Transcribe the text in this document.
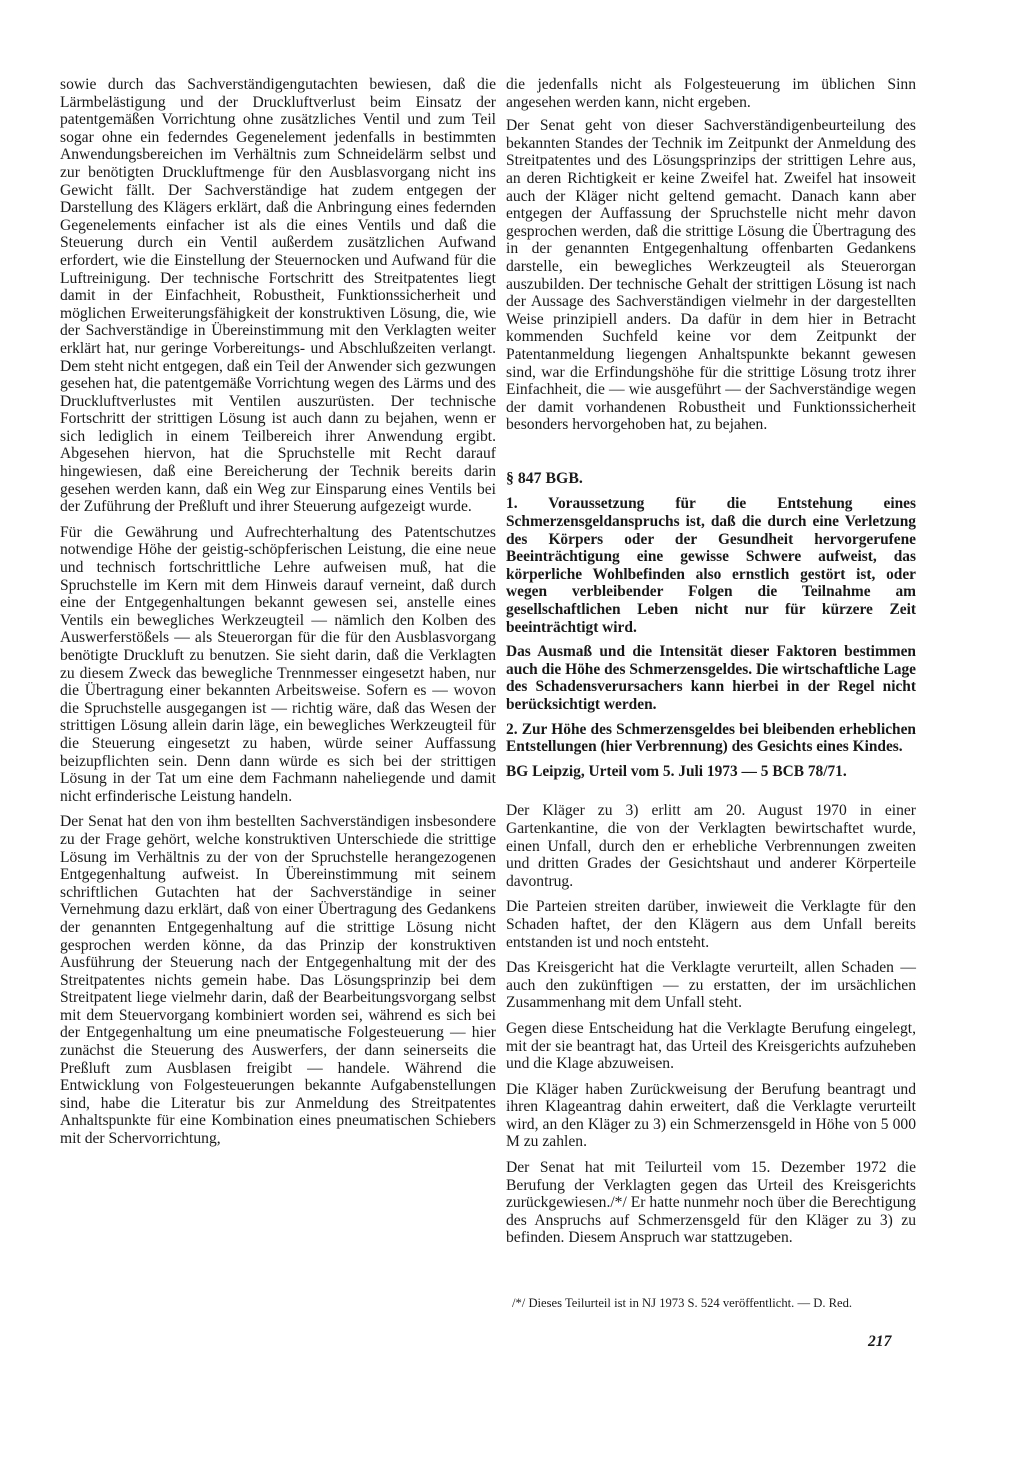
sowie durch das Sachverständigengutachten bewiesen, daß die Lärmbelästigung und der Druckluftverlust beim Einsatz der patentgemäßen Vorrichtung ohne zusätzliches Ventil und zum Teil sogar ohne ein federndes Gegenelement jedenfalls in bestimmten Anwendungsbereichen im Verhältnis zum Schneidelärm selbst und zur benötigten Druckluftmenge für den Ausblasvorgang nicht ins Gewicht fällt. Der Sachverständige hat zudem entgegen der Darstellung des Klägers erklärt, daß die Anbringung eines federnden Gegenelements einfacher ist als die eines Ventils und daß die Steuerung durch ein Ventil außerdem zusätzlichen Aufwand erfordert, wie die Einstellung der Steuernocken und Aufwand für die Luftreinigung. Der technische Fortschritt des Streitpatentes liegt damit in der Einfachheit, Robustheit, Funktionssicherheit und möglichen Erweiterungsfähigkeit der konstruktiven Lösung, die, wie der Sachverständige in Übereinstimmung mit den Verklagten weiter erklärt hat, nur geringe Vorbereitungs- und Abschlußzeiten verlangt. Dem steht nicht entgegen, daß ein Teil der Anwender sich gezwungen gesehen hat, die patentgemäße Vorrichtung wegen des Lärms und des Druckluftverlustes mit Ventilen auszurüsten. Der technische Fortschritt der strittigen Lösung ist auch dann zu bejahen, wenn er sich lediglich in einem Teilbereich ihrer Anwendung ergibt. Abgesehen hiervon, hat die Spruchstelle mit Recht darauf hingewiesen, daß eine Bereicherung der Technik bereits darin gesehen werden kann, daß ein Weg zur Einsparung eines Ventils bei der Zuführung der Preßluft und ihrer Steuerung aufgezeigt wurde.

Für die Gewährung und Aufrechterhaltung des Patentschutzes notwendige Höhe der geistig-schöpferischen Leistung, die eine neue und technisch fortschrittliche Lehre aufweisen muß, hat die Spruchstelle im Kern mit dem Hinweis darauf verneint, daß durch eine der Entgegenhaltungen bekannt gewesen sei, anstelle eines Ventils ein bewegliches Werkzeugteil — nämlich den Kolben des Auswerferstößels — als Steuerorgan für die für den Ausblasvorgang benötigte Druckluft zu benutzen. Sie sieht darin, daß die Verklagten zu diesem Zweck das bewegliche Trennmesser eingesetzt haben, nur die Übertragung einer bekannten Arbeitsweise. Sofern es — wovon die Spruchstelle ausgegangen ist — richtig wäre, daß das Wesen der strittigen Lösung allein darin läge, ein bewegliches Werkzeugteil für die Steuerung eingesetzt zu haben, würde seiner Auffassung beizupflichten sein. Denn dann würde es sich bei der strittigen Lösung in der Tat um eine dem Fachmann naheliegende und damit nicht erfinderische Leistung handeln.

Der Senat hat den von ihm bestellten Sachverständigen insbesondere zu der Frage gehört, welche konstruktiven Unterschiede die strittige Lösung im Verhältnis zu der von der Spruchstelle herangezogenen Entgegenhaltung aufweist. In Übereinstimmung mit seinem schriftlichen Gutachten hat der Sachverständige in seiner Vernehmung dazu erklärt, daß von einer Übertragung des Gedankens der genannten Entgegenhaltung auf die strittige Lösung nicht gesprochen werden könne, da das Prinzip der konstruktiven Ausführung der Steuerung nach der Entgegenhaltung mit der des Streitpatentes nichts gemein habe. Das Lösungsprinzip bei dem Streitpatent liege vielmehr darin, daß der Bearbeitungsvorgang selbst mit dem Steuervorgang kombiniert worden sei, während es sich bei der Entgegenhaltung um eine pneumatische Folgesteuerung — hier zunächst die Steuerung des Auswerfers, der dann seinerseits die Preßluft zum Ausblasen freigibt — handele. Während die Entwicklung von Folgesteuerungen bekannte Aufgabenstellungen sind, habe die Literatur bis zur Anmeldung des Streitpatentes Anhaltspunkte für eine Kombination eines pneumatischen Schiebers mit der Schervorrichtung,

die jedenfalls nicht als Folgesteuerung im üblichen Sinn angesehen werden kann, nicht ergeben.

Der Senat geht von dieser Sachverständigenbeurteilung des bekannten Standes der Technik im Zeitpunkt der Anmeldung des Streitpatentes und des Lösungsprinzips der strittigen Lehre aus, an deren Richtigkeit er keine Zweifel hat. Zweifel hat insoweit auch der Kläger nicht geltend gemacht. Danach kann aber entgegen der Auffassung der Spruchstelle nicht mehr davon gesprochen werden, daß die strittige Lösung die Übertragung des in der genannten Entgegenhaltung offenbarten Gedankens darstelle, ein bewegliches Werkzeugteil als Steuerorgan auszubilden. Der technische Gehalt der strittigen Lösung ist nach der Aussage des Sachverständigen vielmehr in der dargestellten Weise prinzipiell anders. Da dafür in dem hier in Betracht kommenden Suchfeld keine vor dem Zeitpunkt der Patentanmeldung liegengen Anhaltspunkte bekannt gewesen sind, war die Erfindungshöhe für die strittige Lösung trotz ihrer Einfachheit, die — wie ausgeführt — der Sachverständige wegen der damit vorhandenen Robustheit und Funktionssicherheit besonders hervorgehoben hat, zu bejahen.

§ 847 BGB.

1. Voraussetzung für die Entstehung eines Schmerzensgeldanspruchs ist, daß die durch eine Verletzung des Körpers oder der Gesundheit hervorgerufene Beeinträchtigung eine gewisse Schwere aufweist, das körperliche Wohlbefinden also ernstlich gestört ist, oder wegen verbleibender Folgen die Teilnahme am gesellschaftlichen Leben nicht nur für kürzere Zeit beeinträchtigt wird.

Das Ausmaß und die Intensität dieser Faktoren bestimmen auch die Höhe des Schmerzensgeldes. Die wirtschaftliche Lage des Schadensverursachers kann hierbei in der Regel nicht berücksichtigt werden.

2. Zur Höhe des Schmerzensgeldes bei bleibenden erheblichen Entstellungen (hier Verbrennung) des Gesichts eines Kindes.

BG Leipzig, Urteil vom 5. Juli 1973 — 5 BCB 78/71.

Der Kläger zu 3) erlitt am 20. August 1970 in einer Gartenkantine, die von der Verklagten bewirtschaftet wurde, einen Unfall, durch den er erhebliche Verbrennungen zweiten und dritten Grades der Gesichtshaut und anderer Körperteile davontrug.

Die Parteien streiten darüber, inwieweit die Verklagte für den Schaden haftet, der den Klägern aus dem Unfall bereits entstanden ist und noch entsteht.

Das Kreisgericht hat die Verklagte verurteilt, allen Schaden — auch den zukünftigen — zu erstatten, der im ursächlichen Zusammenhang mit dem Unfall steht.

Gegen diese Entscheidung hat die Verklagte Berufung eingelegt, mit der sie beantragt hat, das Urteil des Kreisgerichts aufzuheben und die Klage abzuweisen.

Die Kläger haben Zurückweisung der Berufung beantragt und ihren Klageantrag dahin erweitert, daß die Verklagte verurteilt wird, an den Kläger zu 3) ein Schmerzensgeld in Höhe von 5 000 M zu zahlen.

Der Senat hat mit Teilurteil vom 15. Dezember 1972 die Berufung der Verklagten gegen das Urteil des Kreisgerichts zurückgewiesen./*/ Er hatte nunmehr noch über die Berechtigung des Anspruchs auf Schmerzensgeld für den Kläger zu 3) zu befinden. Diesem Anspruch war stattzugeben.

/*/ Dieses Teilurteil ist in NJ 1973 S. 524 veröffentlicht. — D. Red.
217
